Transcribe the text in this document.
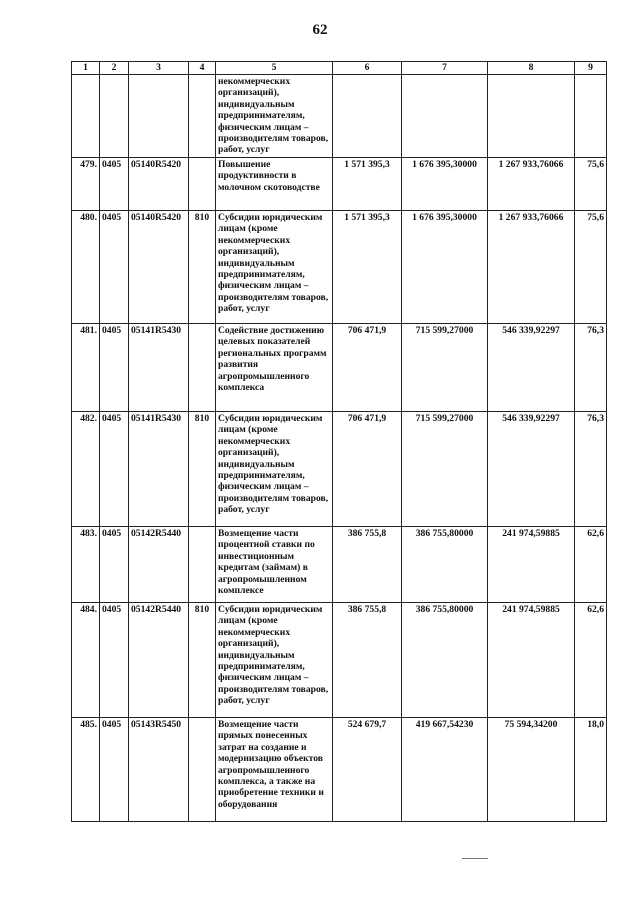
62
1	2	3	4	5	6	7	8	9
				некоммерческих организаций), индивидуальным предпринимателям, физическим лицам – производителям товаров, работ, услуг				
479.	0405	05140R5420		Повышение продуктивности в молочном скотоводстве	1 571 395,3	1 676 395,30000	1 267 933,76066	75,6
480.	0405	05140R5420	810	Субсидии юридическим лицам (кроме некоммерческих организаций), индивидуальным предпринимателям, физическим лицам – производителям товаров, работ, услуг	1 571 395,3	1 676 395,30000	1 267 933,76066	75,6
481.	0405	05141R5430		Содействие достижению целевых показателей региональных программ развития агропромышленного комплекса	706 471,9	715 599,27000	546 339,92297	76,3
482.	0405	05141R5430	810	Субсидии юридическим лицам (кроме некоммерческих организаций), индивидуальным предпринимателям, физическим лицам – производителям товаров, работ, услуг	706 471,9	715 599,27000	546 339,92297	76,3
483.	0405	05142R5440		Возмещение части процентной ставки по инвестиционным кредитам (займам) в агропромышленном комплексе	386 755,8	386 755,80000	241 974,59885	62,6
484.	0405	05142R5440	810	Субсидии юридическим лицам (кроме некоммерческих организаций), индивидуальным предпринимателям, физическим лицам – производителям товаров, работ, услуг	386 755,8	386 755,80000	241 974,59885	62,6
485.	0405	05143R5450		Возмещение части прямых понесенных затрат на создание и модернизацию объектов агропромышленного комплекса, а также на приобретение техники и оборудования	524 679,7	419 667,54230	75 594,34200	18,0
